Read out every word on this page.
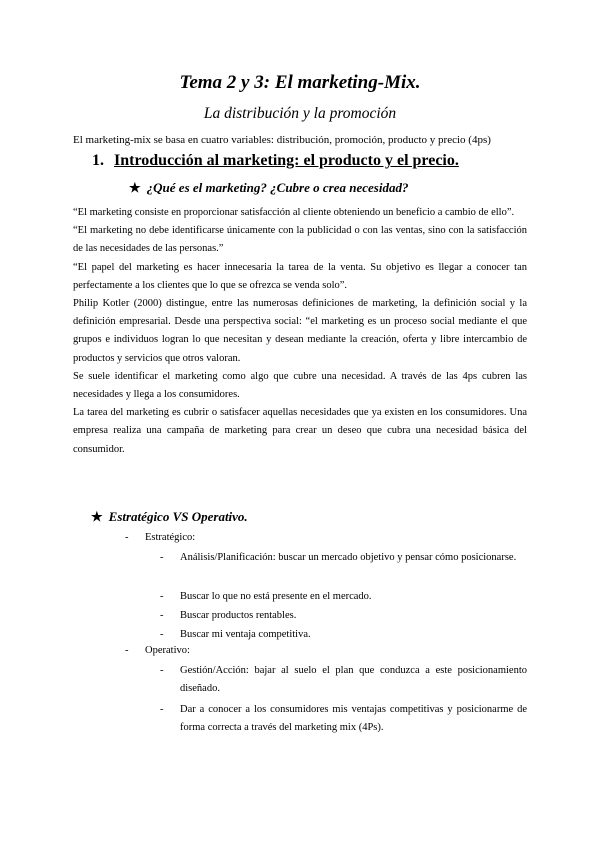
Tema 2 y 3: El marketing-Mix.
La distribución y la promoción
El marketing-mix se basa en cuatro variables: distribución, promoción, producto y precio (4ps)
1. Introducción al marketing: el producto y el precio.
★ ¿Qué es el marketing? ¿Cubre o crea necesidad?

“El marketing consiste en proporcionar satisfacción al cliente obteniendo un beneficio a cambio de ello”.

“El marketing no debe identificarse únicamente con la publicidad o con las ventas, sino con la satisfacción de las necesidades de las personas.”

“El papel del marketing es hacer innecesaria la tarea de la venta. Su objetivo es llegar a conocer tan perfectamente a los clientes que lo que se ofrezca se venda solo”.

Philip Kotler (2000) distingue, entre las numerosas definiciones de marketing, la definición social y la definición empresarial. Desde una perspectiva social: “el marketing es un proceso social mediante el que grupos e individuos logran lo que necesitan y desean mediante la creación, oferta y libre intercambio de productos y servicios que otros valoran.

Se suele identificar el marketing como algo que cubre una necesidad. A través de las 4ps cubren las necesidades y llega a los consumidores.

La tarea del marketing es cubrir o satisfacer aquellas necesidades que ya existen en los consumidores. Una empresa realiza una campaña de marketing para crear un deseo que cubra una necesidad básica del consumidor.

★ Estratégico VS Operativo.
- Estratégico:
- Análisis/Planificación: buscar un mercado objetivo y pensar cómo posicionarse.
- Buscar lo que no está presente en el mercado.
- Buscar productos rentables.
- Buscar mi ventaja competitiva.
- Operativo:
- Gestión/Acción: bajar al suelo el plan que conduzca a este posicionamiento diseñado.
- Dar a conocer a los consumidores mis ventajas competitivas y posicionarme de forma correcta a través del marketing mix (4Ps).
